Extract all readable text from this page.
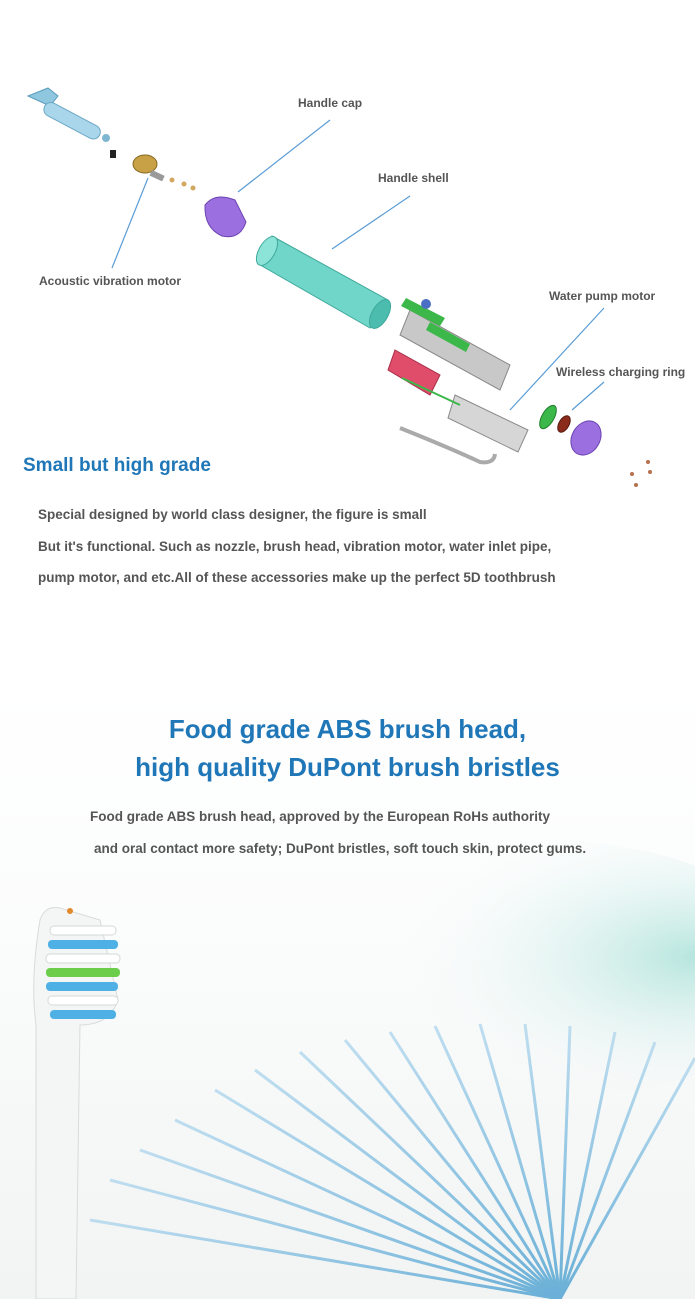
Handle cap
Handle shell
Acoustic vibration motor
Water pump motor
Wireless charging ring
Small but high grade
Special designed by world class designer, the figure is small
But it's functional. Such as nozzle, brush head, vibration motor, water inlet pipe,
pump motor, and etc.All of these accessories make up the perfect 5D toothbrush
Food grade ABS brush head,
high quality DuPont brush bristles
Food grade ABS brush head, approved by the European RoHs authority
and oral contact more safety; DuPont bristles, soft touch skin, protect gums.
